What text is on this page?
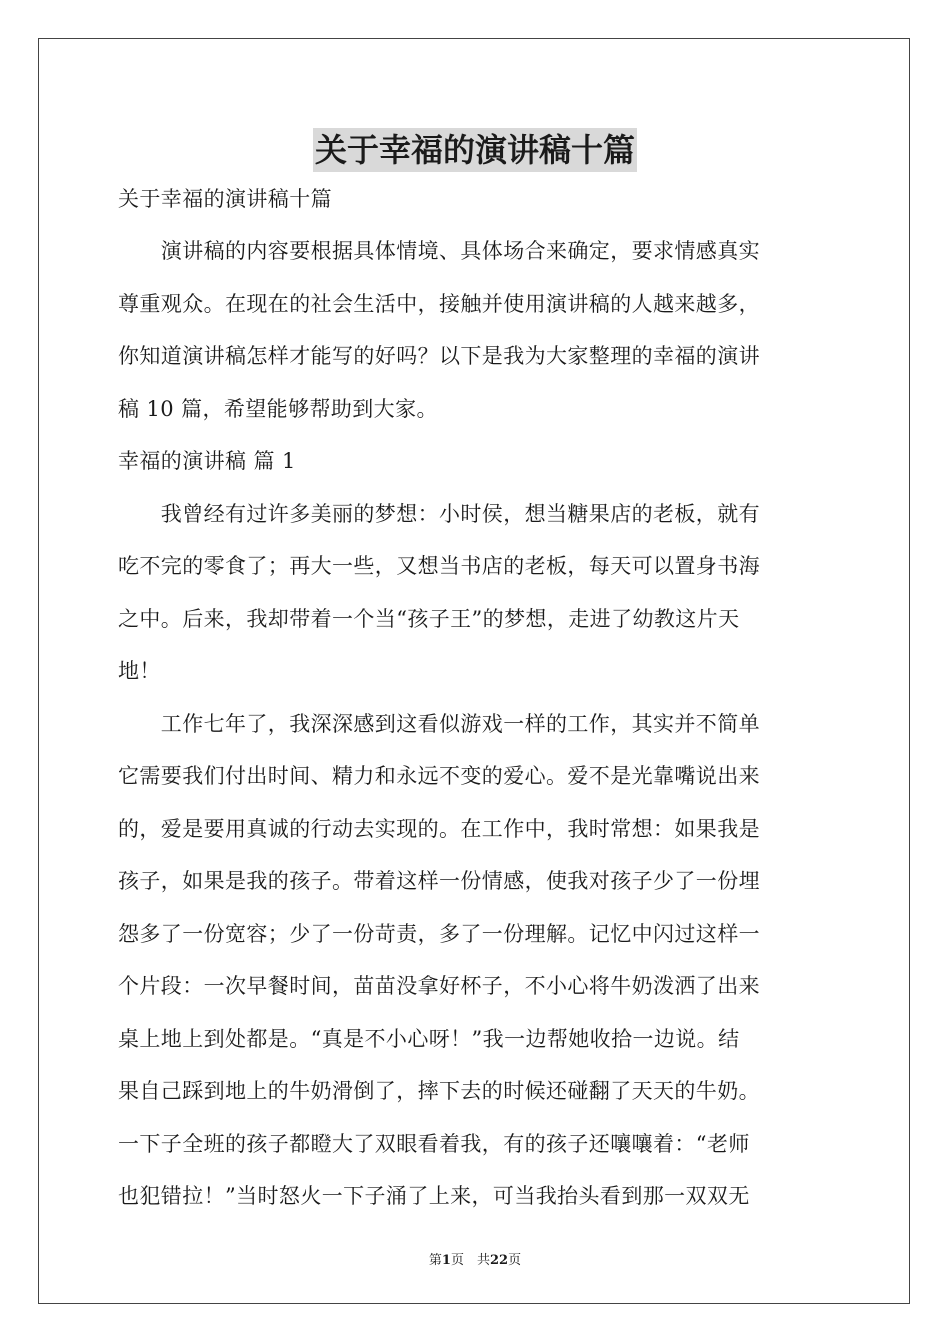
关于幸福的演讲稿十篇
关于幸福的演讲稿十篇
　　演讲稿的内容要根据具体情境、具体场合来确定，要求情感真实
尊重观众。在现在的社会生活中，接触并使用演讲稿的人越来越多，
你知道演讲稿怎样才能写的好吗？以下是我为大家整理的幸福的演讲
稿 10 篇，希望能够帮助到大家。
幸福的演讲稿 篇 1
　　我曾经有过许多美丽的梦想：小时侯，想当糖果店的老板，就有
吃不完的零食了；再大一些，又想当书店的老板，每天可以置身书海
之中。后来，我却带着一个当“孩子王”的梦想，走进了幼教这片天
地！
　　工作七年了，我深深感到这看似游戏一样的工作，其实并不简单
它需要我们付出时间、精力和永远不变的爱心。爱不是光靠嘴说出来
的，爱是要用真诚的行动去实现的。在工作中，我时常想：如果我是
孩子，如果是我的孩子。带着这样一份情感，使我对孩子少了一份埋
怨多了一份宽容；少了一份苛责，多了一份理解。记忆中闪过这样一
个片段：一次早餐时间，苗苗没拿好杯子，不小心将牛奶泼洒了出来
桌上地上到处都是。“真是不小心呀！”我一边帮她收拾一边说。结
果自己踩到地上的牛奶滑倒了，摔下去的时候还碰翻了天天的牛奶。
一下子全班的孩子都瞪大了双眼看着我，有的孩子还嚷嚷着：“老师
也犯错拉！”当时怒火一下子涌了上来，可当我抬头看到那一双双无
第1页　共22页
